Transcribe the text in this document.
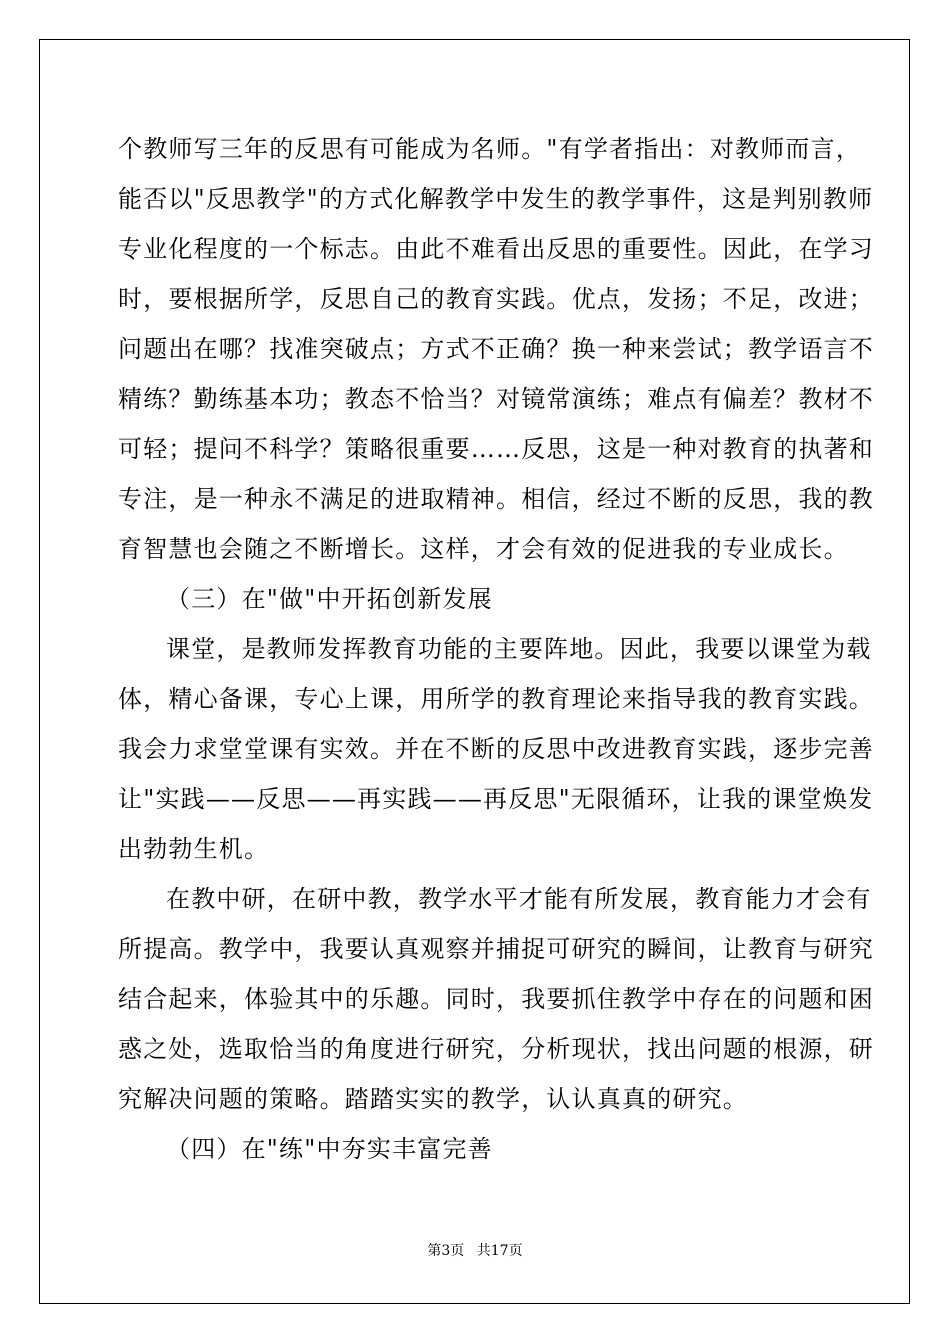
个教师写三年的反思有可能成为名师。"有学者指出：对教师而言，
能否以"反思教学"的方式化解教学中发生的教学事件，这是判别教师
专业化程度的一个标志。由此不难看出反思的重要性。因此，在学习
时，要根据所学，反思自己的教育实践。优点，发扬；不足，改进；
问题出在哪？找准突破点；方式不正确？换一种来尝试；教学语言不
精练？勤练基本功；教态不恰当？对镜常演练；难点有偏差？教材不
可轻；提问不科学？策略很重要……反思，这是一种对教育的执著和
专注，是一种永不满足的进取精神。相信，经过不断的反思，我的教
育智慧也会随之不断增长。这样，才会有效的促进我的专业成长。
（三）在"做"中开拓创新发展
课堂，是教师发挥教育功能的主要阵地。因此，我要以课堂为载
体，精心备课，专心上课，用所学的教育理论来指导我的教育实践。
我会力求堂堂课有实效。并在不断的反思中改进教育实践，逐步完善
让"实践——反思——再实践——再反思"无限循环，让我的课堂焕发
出勃勃生机。
在教中研，在研中教，教学水平才能有所发展，教育能力才会有
所提高。教学中，我要认真观察并捕捉可研究的瞬间，让教育与研究
结合起来，体验其中的乐趣。同时，我要抓住教学中存在的问题和困
惑之处，选取恰当的角度进行研究，分析现状，找出问题的根源，研
究解决问题的策略。踏踏实实的教学，认认真真的研究。
（四）在"练"中夯实丰富完善
第3页 共17页
